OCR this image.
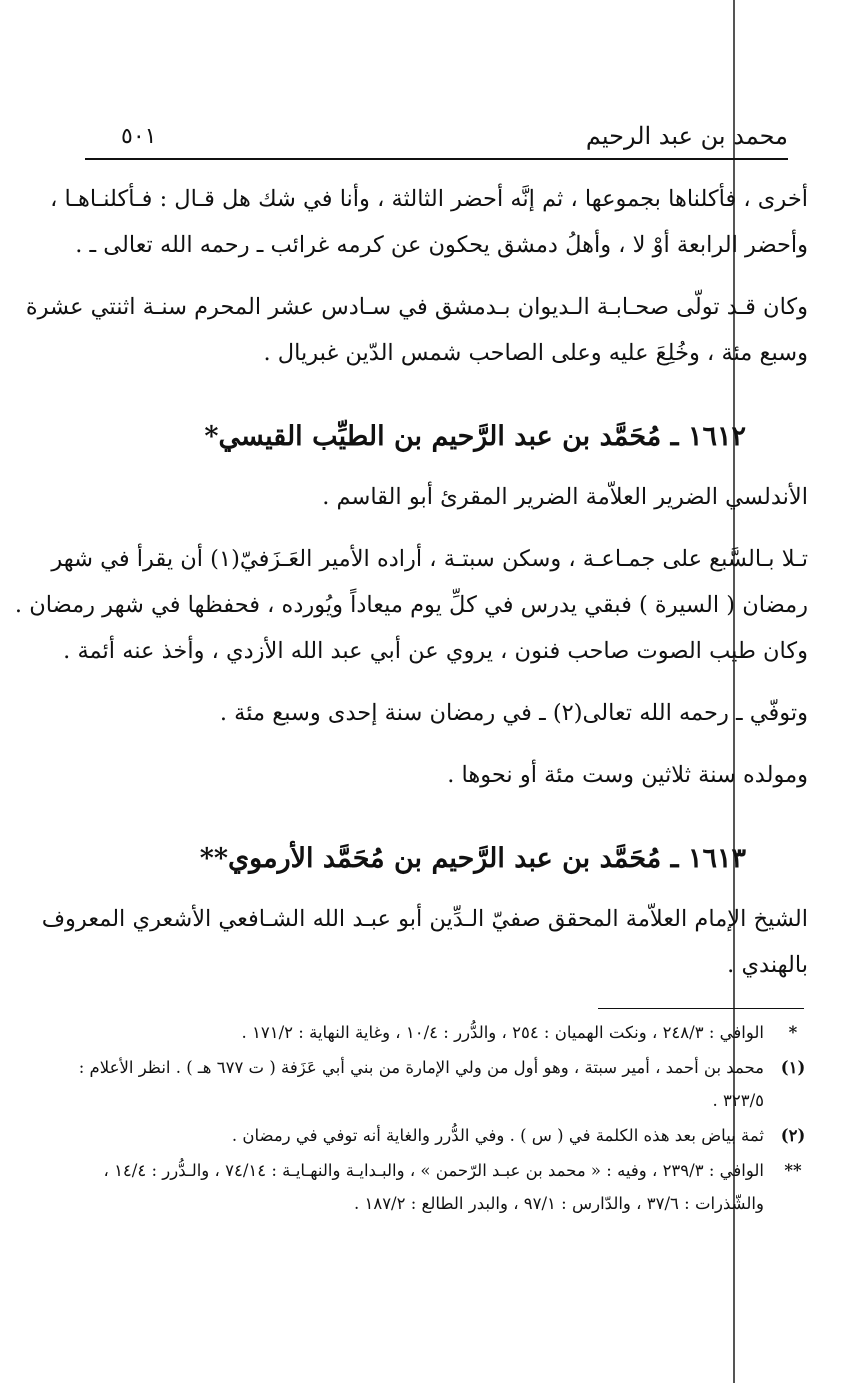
محمد بن عبد الرحيم
٥٠١

أخرى ، فأكلناها بجموعها ، ثم إنَّه أحضر الثالثة ، وأنا في شك هل قـال : فـأكلنـاهـا ،
وأحضر الرابعة أوْ لا ، وأهلُ دمشق يحكون عن كرمه غرائب ـ رحمه الله تعالى ـ .

وكان قـد تولّى صحـابـة الـديوان بـدمشق في سـادس عشر المحرم سنـة اثنتي عشرة
وسبع مئة ، وخُلِعَ عليه وعلى الصاحب شمس الدّين غبريال .

١٦١٢ ـ مُحَمَّد بن عبد الرَّحيم بن الطيِّب القيسي*

الأندلسي الضرير العلاّمة الضرير المقرئ أبو القاسم .

تـلا بـالسَّبع على جمـاعـة ، وسكن سبتـة ، أراده الأمير العَـزَفيّ(١) أن يقرأ في شهر
رمضان ( السيرة ) فبقي يدرس في كلِّ يوم ميعاداً ويُورده ، فحفظها في شهر رمضان .
وكان طيب الصوت صاحب فنون ، يروي عن أبي عبد الله الأزدي ، وأخذ عنه أئمة .

وتوفّي ـ رحمه الله تعالى(٢) ـ في رمضان سنة إحدى وسبع مئة .

ومولده سنة ثلاثين وست مئة أو نحوها .

١٦١٣ ـ مُحَمَّد بن عبد الرَّحيم بن مُحَمَّد الأرموي**

الشيخ الإمام العلاّمة المحقق صفيّ الـدِّين أبو عبـد الله الشـافعي الأشعري المعروف
بالهندي .

*
الوافي : ٢٤٨/٣ ، ونكت الهميان : ٢٥٤ ، والدُّرر : ١٠/٤ ، وغاية النهاية : ١٧١/٢ .
(١)
محمد بن أحمد ، أمير سبتة ، وهو أول من ولي الإمارة من بني أبي عَزَفة ( ت ٦٧٧ هـ ) . انظر الأعلام :
٣٢٣/٥ .
(٢)
ثمة بياض بعد هذه الكلمة في ( س ) . وفي الدُّرر والغاية أنه توفي في رمضان .
**
الوافي : ٢٣٩/٣ ، وفيه : « محمد بن عبـد الرّحمن » ، والبـدايـة والنهـايـة : ٧٤/١٤ ، والـدُّرر : ١٤/٤ ،
والشّذرات : ٣٧/٦ ، والدّارس : ٩٧/١ ، والبدر الطالع : ١٨٧/٢ .
